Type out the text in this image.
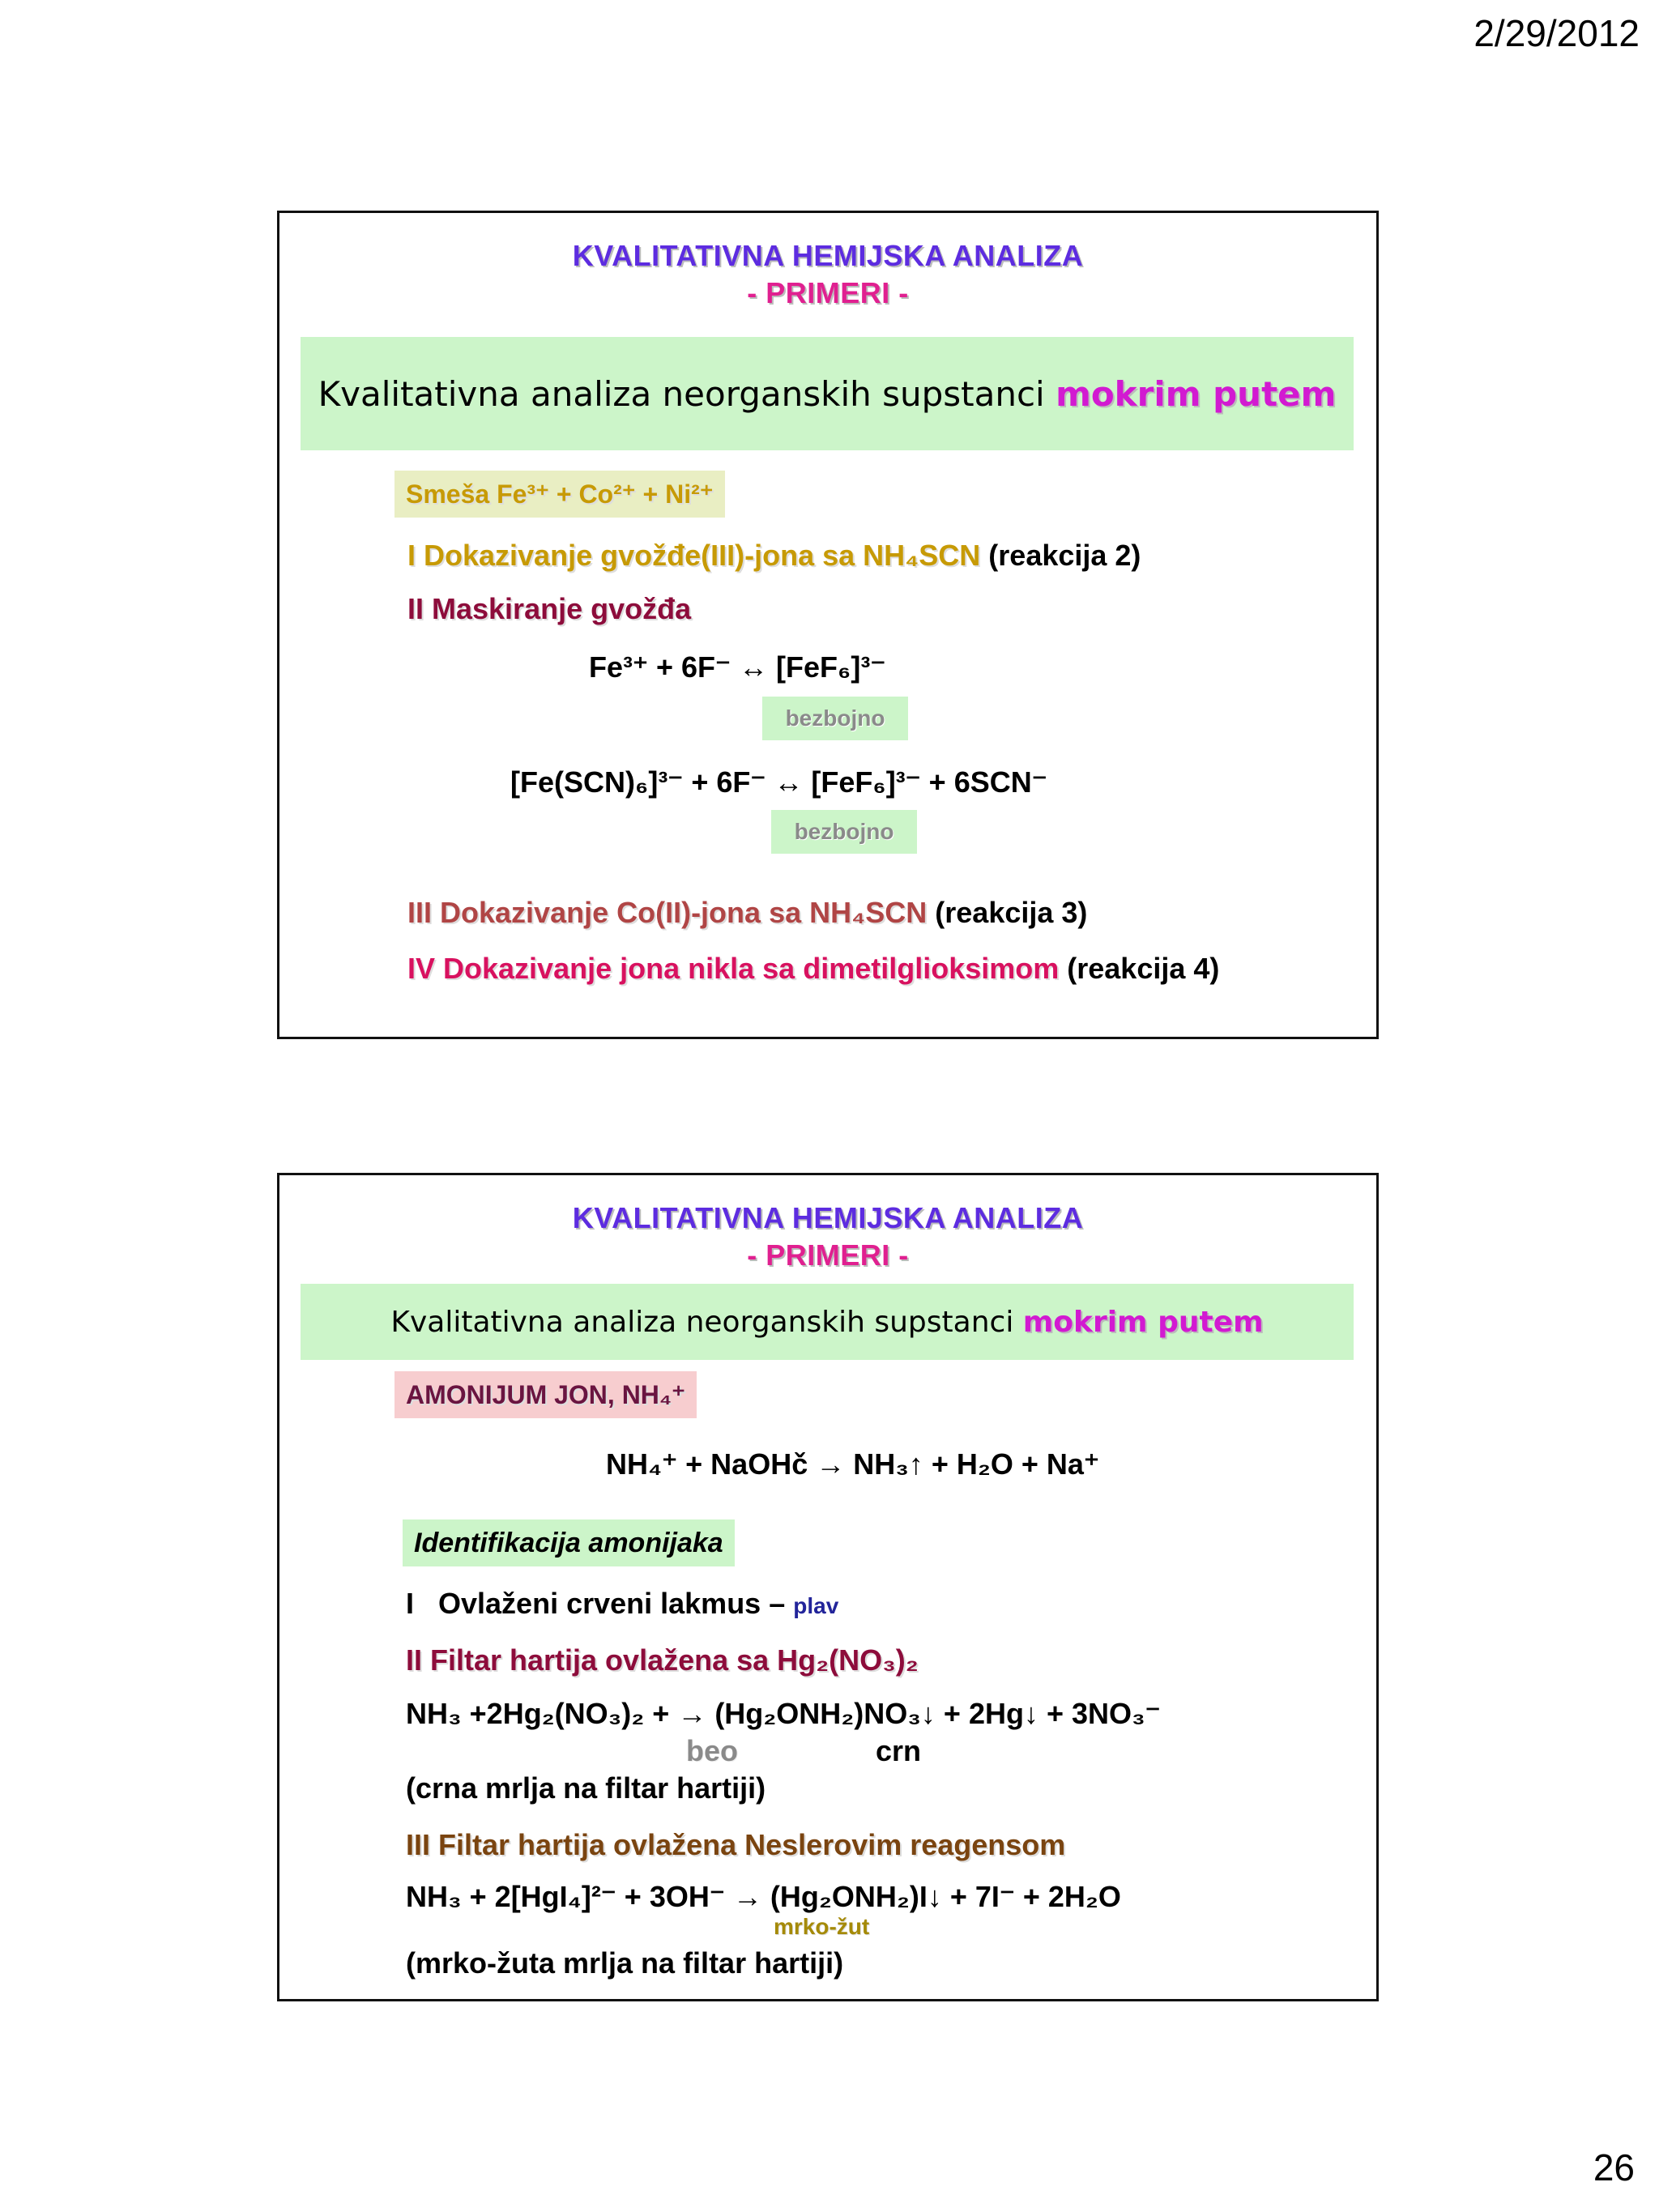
2/29/2012
KVALITATIVNA HEMIJSKA ANALIZA
- PRIMERI -
Kvalitativna analiza neorganskih supstanci mokrim putem
Smeša Fe³⁺ + Co²⁺ + Ni²⁺
I Dokazivanje gvožđe(III)-jona sa NH₄SCN (reakcija 2)
II Maskiranje gvožđa
Fe³⁺ + 6F⁻ ↔ [FeF₆]³⁻
bezbojno
[Fe(SCN)₆]³⁻ + 6F⁻ ↔ [FeF₆]³⁻ + 6SCN⁻
bezbojno
III Dokazivanje Co(II)-jona sa NH₄SCN (reakcija 3)
IV Dokazivanje jona nikla sa dimetilglioksimom (reakcija 4)
KVALITATIVNA HEMIJSKA ANALIZA
- PRIMERI -
Kvalitativna analiza neorganskih supstanci mokrim putem
AMONIJUM JON, NH₄⁺
NH₄⁺ + NaOHč → NH₃↑ + H₂O + Na⁺
Identifikacija amonijaka
I   Ovlaženi crveni lakmus – plav
II Filtar hartija ovlažena sa Hg₂(NO₃)₂
NH₃ +2Hg₂(NO₃)₂ + → (Hg₂ONH₂)NO₃↓ + 2Hg↓ + 3NO₃⁻
beo	crn
(crna mrlja na filtar hartiji)
III Filtar hartija ovlažena Neslerovim reagensom
NH₃ + 2[HgI₄]²⁻ + 3OH⁻ → (Hg₂ONH₂)I↓ + 7I⁻ + 2H₂O
mrko-žut
(mrko-žuta mrlja na filtar hartiji)
26
